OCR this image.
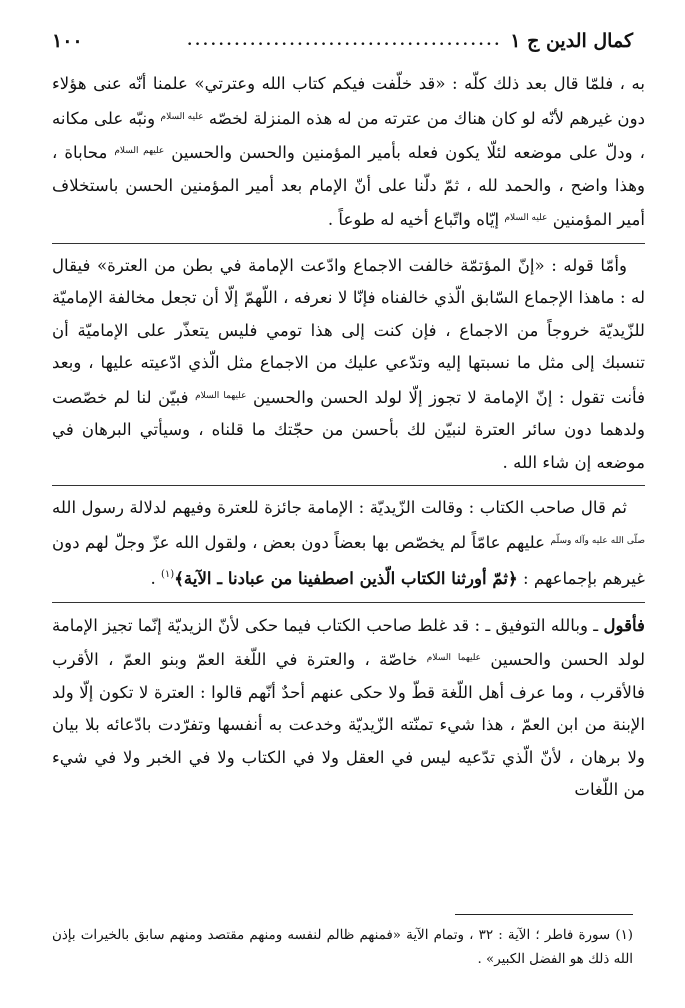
كمال الدين ج ١
........................................
١٠٠

به ، فلمّا قال بعد ذلك كلّه : «قد خلّفت فيكم كتاب الله وعترتي» علمنا أنّه عنى هؤلاء دون غيرهم لأنّه لو كان هناك من عترته من له هذه المنزلة لخصّه $^{عليه السلام}$ ونبّه على مكانه ، ودلّ على موضعه لئلّا يكون فعله بأمير المؤمنين والحسن والحسين $^{عليهم السلام}$ محاباة ، وهذا واضح ، والحمد لله ، ثمّ دلّنا على أنّ الإمام بعد أمير المؤمنين الحسن باستخلاف أمير المؤمنين $^{عليه السلام}$ إيّاه واتّباع أخيه له طوعاً .

وأمّا قوله : «إنّ المؤتمّة خالفت الاجماع وادّعت الإمامة في بطن من العترة» فيقال له : ماهذا الإجماع السّابق الّذي خالفناه فإنّا لا نعرفه ، اللّهمّ إلّا أن تجعل مخالفة الإماميّة للزّيديّة خروجاً من الاجماع ، فإن كنت إلى هذا تومي فليس يتعذّر على الإماميّة أن تنسبك إلى مثل ما نسبتها إليه وتدّعي عليك من الاجماع مثل الّذي ادّعيته عليها ، وبعد فأنت تقول : إنّ الإمامة لا تجوز إلّا لولد الحسن والحسين $^{عليهما السلام}$ فبيّن لنا لم خصّصت ولدهما دون سائر العترة لنبيّن لك بأحسن من حجّتك ما قلناه ، وسيأتي البرهان في موضعه إن شاء الله .

ثم قال صاحب الكتاب : وقالت الزّيديّة : الإمامة جائزة للعترة وفيهم لدلالة رسول الله $^{صلّى الله عليه وآله وسلّم}$ عليهم عامّاً لم يخصّص بها بعضاً دون بعض ، ولقول الله عزّ وجلّ لهم دون غيرهم بإجماعهم : ﴿ثمّ أورثنا الكتاب الّذين اصطفينا من عبادنا ـ الآية﴾$^{(١)}$ .

فأقول ـ وبالله التوفيق ـ : قد غلط صاحب الكتاب فيما حكى لأنّ الزيديّة إنّما تجيز الإمامة لولد الحسن والحسين $^{عليهما السلام}$ خاصّة ، والعترة في اللّغة العمّ وبنو العمّ ، الأقرب فالأقرب ، وما عرف أهل اللّغة قطّ ولا حكى عنهم أحدٌ أنّهم قالوا : العترة لا تكون إلّا ولد الإبنة من ابن العمّ ، هذا شيء تمنّته الزّيديّة وخدعت به أنفسها وتفرّدت بادّعائه بلا بيان ولا برهان ، لأنّ الّذي تدّعيه ليس في العقل ولا في الكتاب ولا في الخبر ولا في شيء من اللّغات

(١) سورة فاطر ؛ الآية : ٣٢ ، وتمام الآية «فمنهم ظالم لنفسه ومنهم مقتصد ومنهم سابق بالخيرات بإذن الله ذلك هو الفضل الكبير» .
